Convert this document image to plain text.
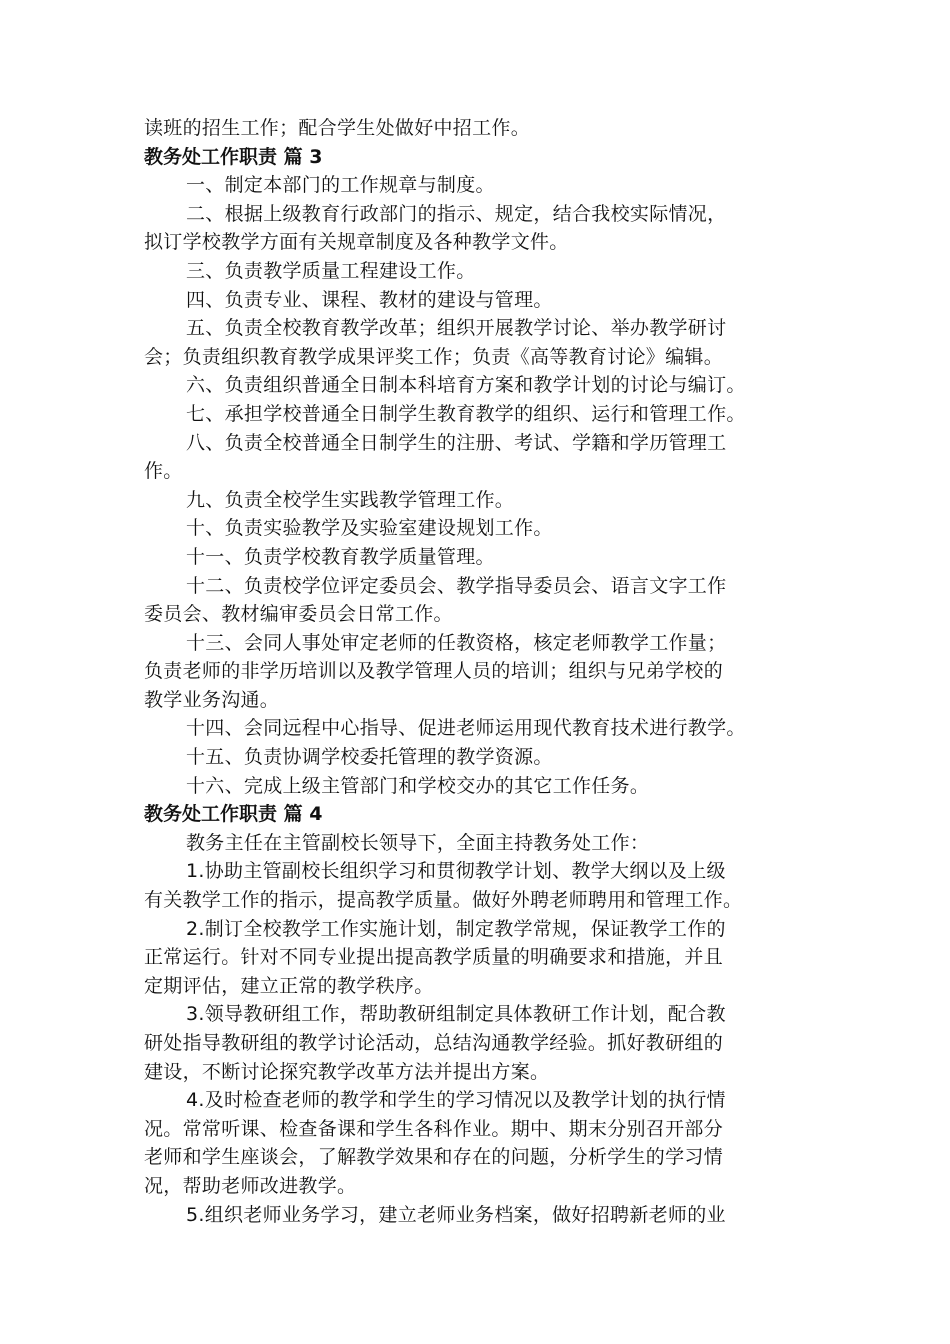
读班的招生工作；配合学生处做好中招工作。
教务处工作职责 篇 3
一、制定本部门的工作规章与制度。
二、根据上级教育行政部门的指示、规定，结合我校实际情况，
拟订学校教学方面有关规章制度及各种教学文件。
三、负责教学质量工程建设工作。
四、负责专业、课程、教材的建设与管理。
五、负责全校教育教学改革；组织开展教学讨论、举办教学研讨
会；负责组织教育教学成果评奖工作；负责《高等教育讨论》编辑。
六、负责组织普通全日制本科培育方案和教学计划的讨论与编订。
七、承担学校普通全日制学生教育教学的组织、运行和管理工作。
八、负责全校普通全日制学生的注册、考试、学籍和学历管理工
作。
九、负责全校学生实践教学管理工作。
十、负责实验教学及实验室建设规划工作。
十一、负责学校教育教学质量管理。
十二、负责校学位评定委员会、教学指导委员会、语言文字工作
委员会、教材编审委员会日常工作。
十三、会同人事处审定老师的任教资格，核定老师教学工作量；
负责老师的非学历培训以及教学管理人员的培训；组织与兄弟学校的
教学业务沟通。
十四、会同远程中心指导、促进老师运用现代教育技术进行教学。
十五、负责协调学校委托管理的教学资源。
十六、完成上级主管部门和学校交办的其它工作任务。
教务处工作职责 篇 4
教务主任在主管副校长领导下，全面主持教务处工作：
1.协助主管副校长组织学习和贯彻教学计划、教学大纲以及上级
有关教学工作的指示，提高教学质量。做好外聘老师聘用和管理工作。
2.制订全校教学工作实施计划，制定教学常规，保证教学工作的
正常运行。针对不同专业提出提高教学质量的明确要求和措施，并且
定期评估，建立正常的教学秩序。
3.领导教研组工作，帮助教研组制定具体教研工作计划，配合教
研处指导教研组的教学讨论活动，总结沟通教学经验。抓好教研组的
建设，不断讨论探究教学改革方法并提出方案。
4.及时检查老师的教学和学生的学习情况以及教学计划的执行情
况。常常听课、检查备课和学生各科作业。期中、期末分别召开部分
老师和学生座谈会，了解教学效果和存在的问题，分析学生的学习情
况，帮助老师改进教学。
5.组织老师业务学习，建立老师业务档案，做好招聘新老师的业
